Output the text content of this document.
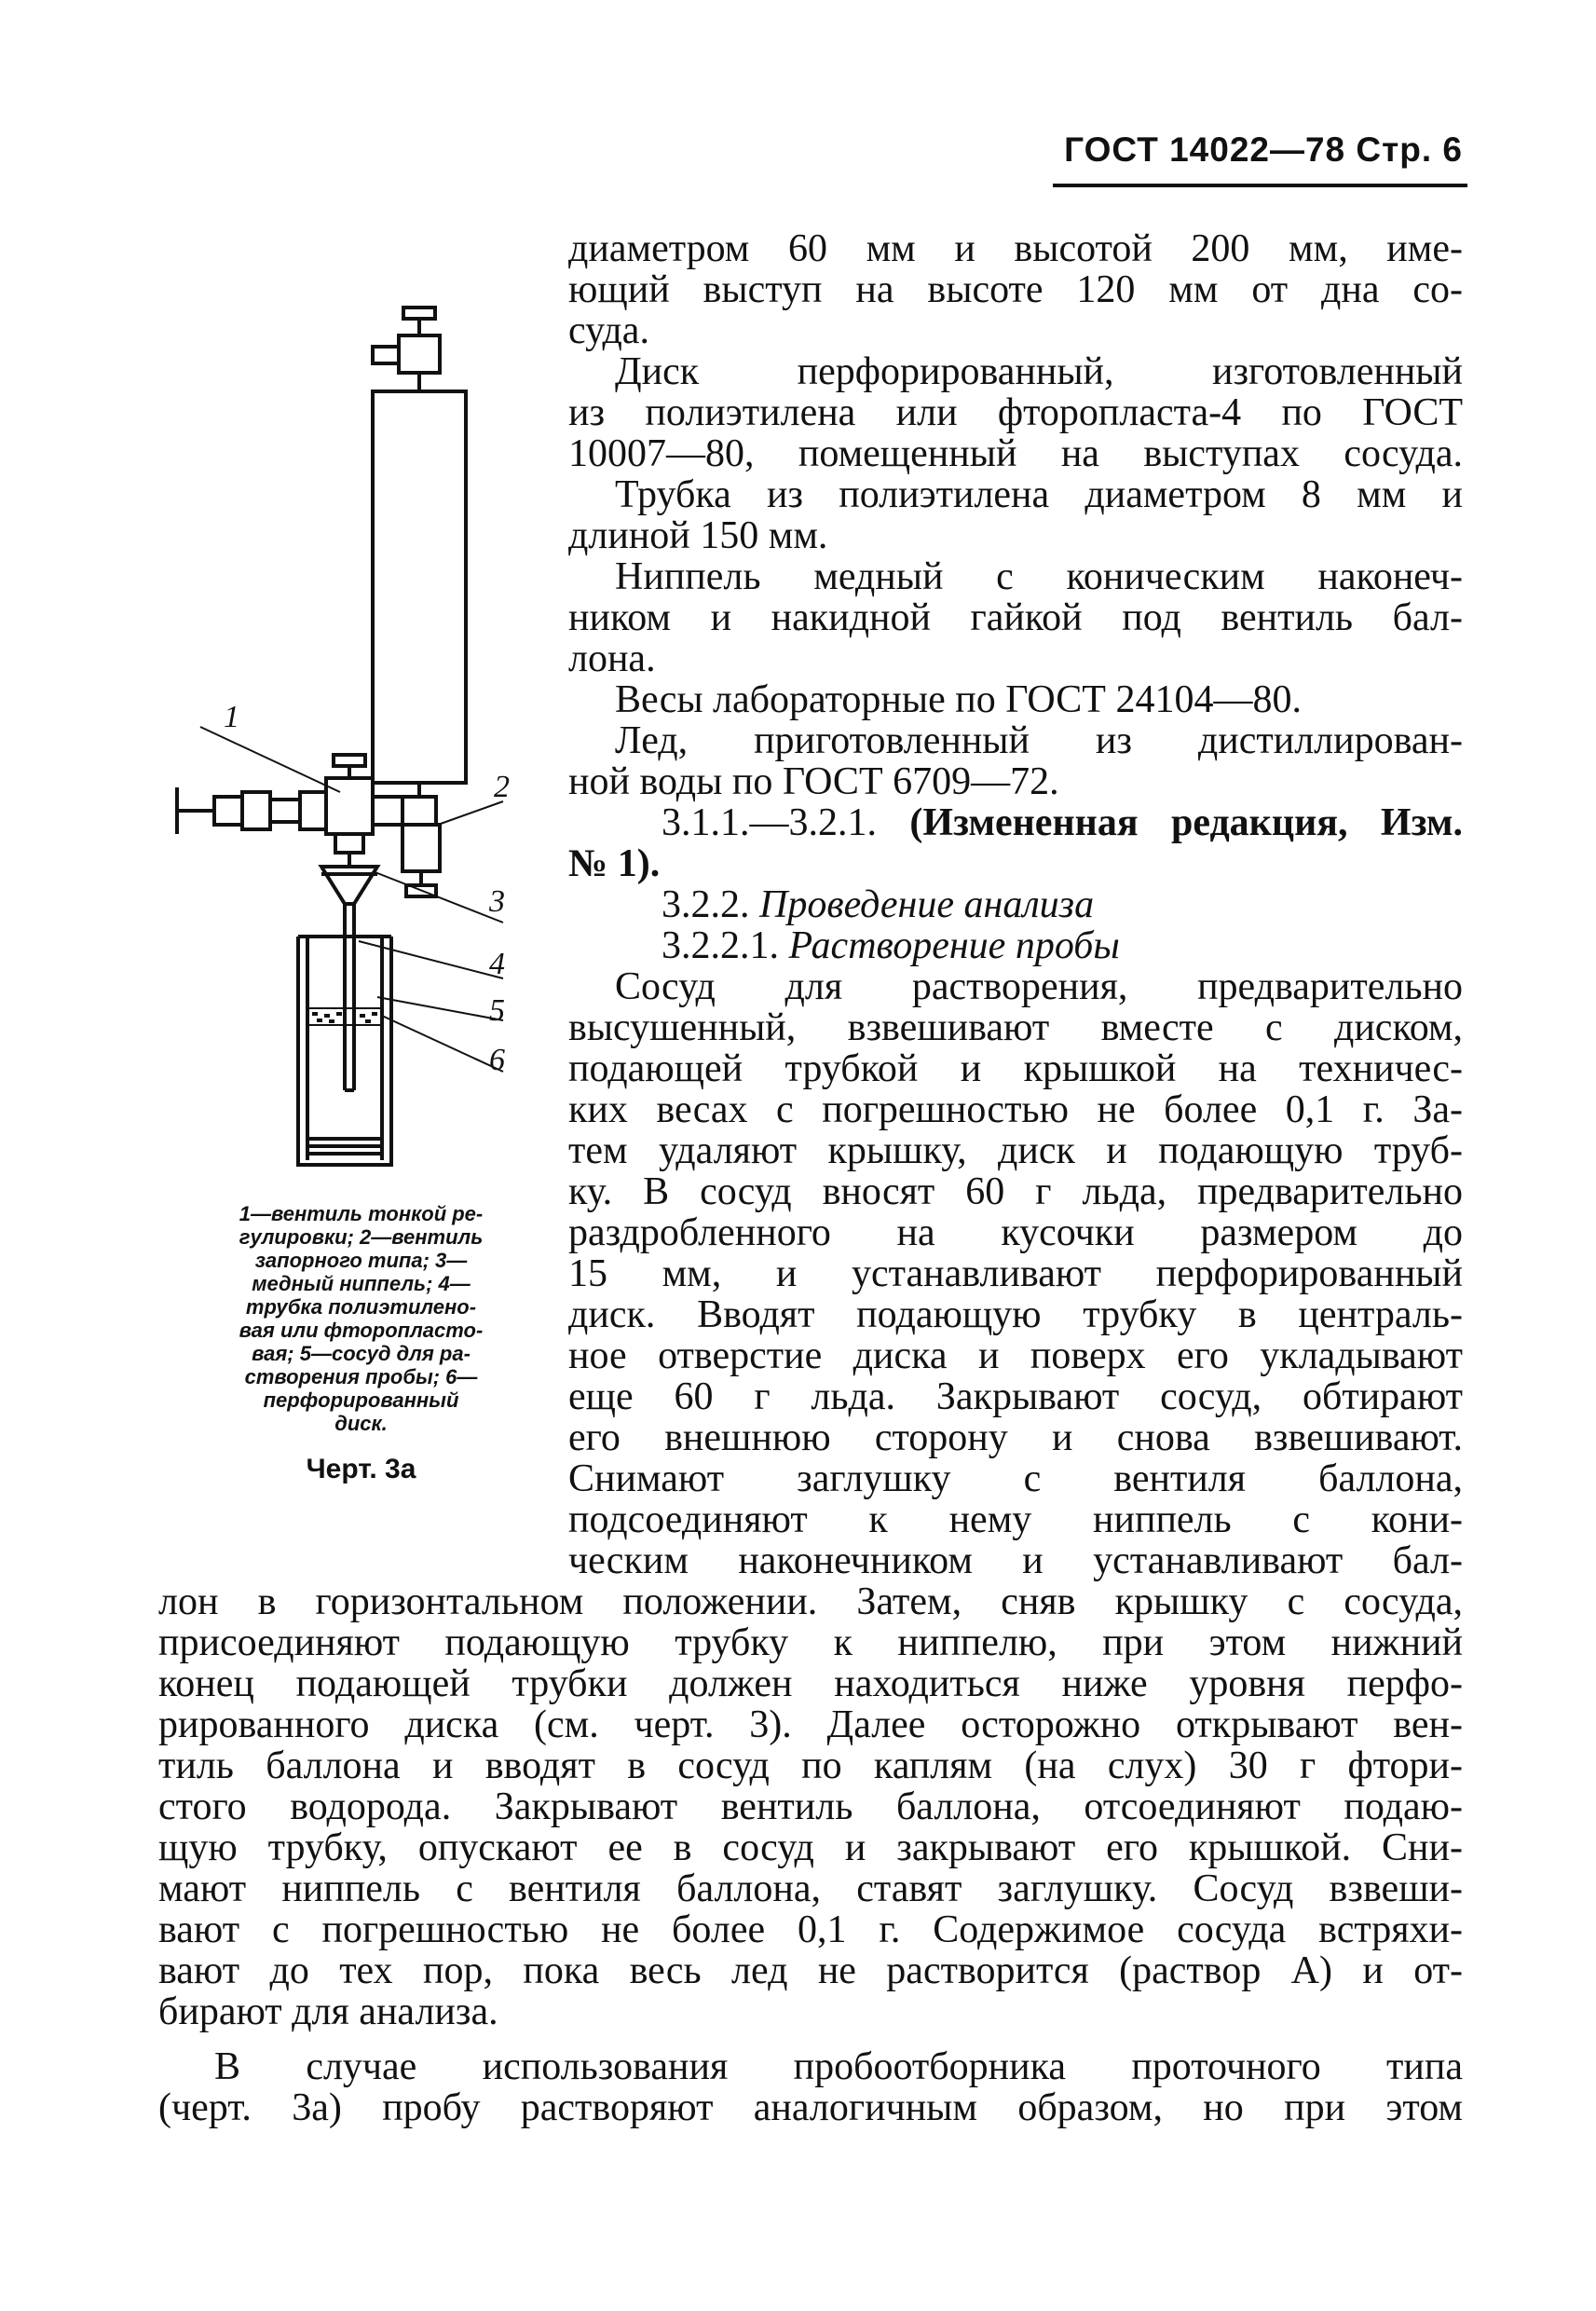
ГОСТ 14022—78 Стр. 6
1
2
3
4
5
6
1—вентиль тонкой ре-
гулировки; 2—вентиль
запорного типа; 3—
медный ниппель; 4—
трубка полиэтилено-
вая или фторопласто-
вая; 5—сосуд для ра-
створения пробы; 6—
перфорированный
диск.
Черт. 3а
диаметром 60 мм и высотой 200 мм, име-
ющий выступ на высоте 120 мм от дна со-
суда.
Диск перфорированный, изготовленный
из полиэтилена или фторопласта-4 по ГОСТ
10007—80, помещенный на выступах сосуда.
Трубка из полиэтилена диаметром 8 мм и
длиной 150 мм.
Ниппель медный с коническим наконеч-
ником и накидной гайкой под вентиль бал-
лона.
Весы лабораторные по ГОСТ 24104—80.
Лед, приготовленный из дистиллирован-
ной воды по ГОСТ 6709—72.
3.1.1.—3.2.1. (Измененная редакция, Изм.
№ 1).
3.2.2. Проведение анализа
3.2.2.1. Растворение пробы
Сосуд для растворения, предварительно
высушенный, взвешивают вместе с диском,
подающей трубкой и крышкой на техничес-
ких весах с погрешностью не более 0,1 г. За-
тем удаляют крышку, диск и подающую труб-
ку. В сосуд вносят 60 г льда, предварительно
раздробленного на кусочки размером до
15 мм, и устанавливают перфорированный
диск. Вводят подающую трубку в централь-
ное отверстие диска и поверх его укладывают
еще 60 г льда. Закрывают сосуд, обтирают
его внешнюю сторону и снова взвешивают.
Снимают заглушку с вентиля баллона,
подсоединяют к нему ниппель с кони-
ческим наконечником и устанавливают бал-
лон в горизонтальном положении. Затем, сняв крышку с сосуда,
присоединяют подающую трубку к ниппелю, при этом нижний
конец подающей трубки должен находиться ниже уровня перфо-
рированного диска (см. черт. 3). Далее осторожно открывают вен-
тиль баллона и вводят в сосуд по каплям (на слух) 30 г фтори-
стого водорода. Закрывают вентиль баллона, отсоединяют подаю-
щую трубку, опускают ее в сосуд и закрывают его крышкой. Сни-
мают ниппель с вентиля баллона, ставят заглушку. Сосуд взвеши-
вают с погрешностью не более 0,1 г. Содержимое сосуда встряхи-
вают до тех пор, пока весь лед не растворится (раствор А) и от-
бирают для анализа.
В случае использования пробоотборника проточного типа
(черт. 3а) пробу растворяют аналогичным образом, но при этом
